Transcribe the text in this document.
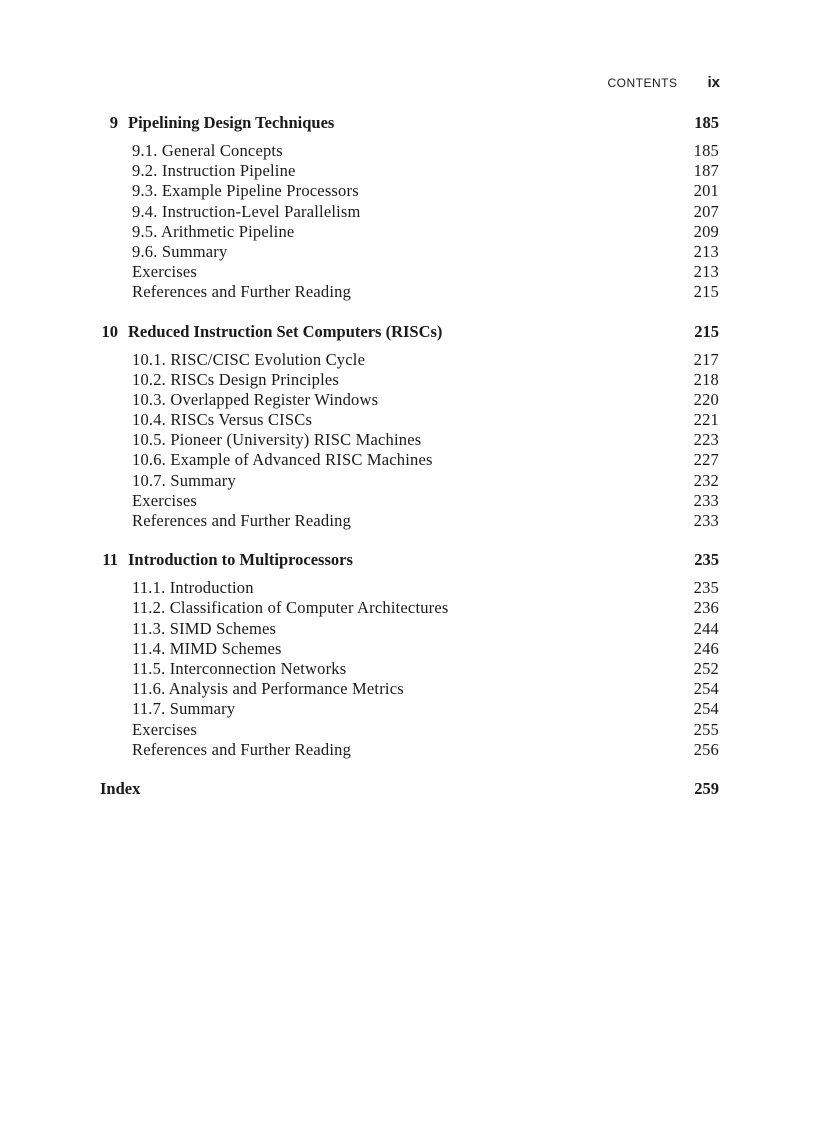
CONTENTS ix
9 Pipelining Design Techniques	185
9.1. General Concepts	185
9.2. Instruction Pipeline	187
9.3. Example Pipeline Processors	201
9.4. Instruction-Level Parallelism	207
9.5. Arithmetic Pipeline	209
9.6. Summary	213
Exercises	213
References and Further Reading	215
10 Reduced Instruction Set Computers (RISCs)	215
10.1. RISC/CISC Evolution Cycle	217
10.2. RISCs Design Principles	218
10.3. Overlapped Register Windows	220
10.4. RISCs Versus CISCs	221
10.5. Pioneer (University) RISC Machines	223
10.6. Example of Advanced RISC Machines	227
10.7. Summary	232
Exercises	233
References and Further Reading	233
11 Introduction to Multiprocessors	235
11.1. Introduction	235
11.2. Classification of Computer Architectures	236
11.3. SIMD Schemes	244
11.4. MIMD Schemes	246
11.5. Interconnection Networks	252
11.6. Analysis and Performance Metrics	254
11.7. Summary	254
Exercises	255
References and Further Reading	256
Index	259
